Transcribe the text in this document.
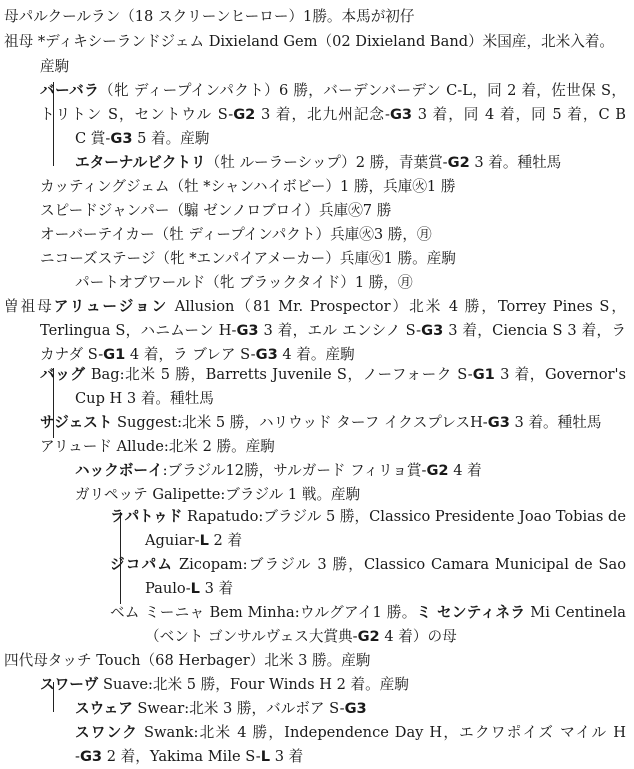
母パルクールラン（18 スクリーンヒーロー）1勝。本馬が初仔
祖母 *ディキシーランドジェム Dixieland Gem（02 Dixieland Band）米国産，北米入着。
産駒
バーバラ（牝 ディープインパクト）6 勝，バーデンバーデン C-L，同 2 着，佐世保 S，
トリトン S，セントウル S-G2 3 着，北九州記念-G3 3 着，同 4 着，同 5 着，C B
C 賞-G3 5 着。産駒
エターナルビクトリ（牡 ルーラーシップ）2 勝，青葉賞-G2 3 着。種牡馬
カッティングジェム（牡 *シャンハイボビー）1 勝，兵庫㊋1 勝
スピードジャンパー（騸 ゼンノロブロイ）兵庫㊋7 勝
オーバーテイカー（牡 ディープインパクト）兵庫㊋3 勝，㊊
ニコーズステージ（牝 *エンパイアメーカー）兵庫㊋1 勝。産駒
パートオブワールド（牝 ブラックタイド）1 勝，㊊
曽祖母アリュージョン Allusion（81 Mr. Prospector）北米 4 勝，Torrey Pines S，
Terlingua S，ハニムーン H-G3 3 着，エル エンシノ S-G3 3 着，Ciencia S 3 着，ラ
カナダ S-G1 4 着，ラ ブレア S-G3 4 着。産駒
バッグ Bag:北米 5 勝，Barretts Juvenile S，ノーフォーク S-G1 3 着，Governor's
Cup H 3 着。種牡馬
サジェスト Suggest:北米 5 勝，ハリウッド ターフ イクスプレスH-G3 3 着。種牡馬
アリュード Allude:北米 2 勝。産駒
ハックボーイ:ブラジル12勝，サルガード フィリョ賞-G2 4 着
ガリペッテ Galipette:ブラジル 1 戦。産駒
ラパトゥド Rapatudo:ブラジル 5 勝，Classico Presidente Joao Tobias de
Aguiar-L 2 着
ジコパム Zicopam:ブラジル 3 勝，Classico Camara Municipal de Sao
Paulo-L 3 着
ベム ミーニャ Bem Minha:ウルグアイ1 勝。ミ センティネラ Mi Centinela
（ベント ゴンサルヴェス大賞典-G2 4 着）の母
四代母タッチ Touch（68 Herbager）北米 3 勝。産駒
スワーヴ Suave:北米 5 勝，Four Winds H 2 着。産駒
スウェア Swear:北米 3 勝，バルボア S-G3
スワンク Swank:北米 4 勝，Independence Day H，エクワポイズ マイル H
-G3 2 着，Yakima Mile S-L 3 着
